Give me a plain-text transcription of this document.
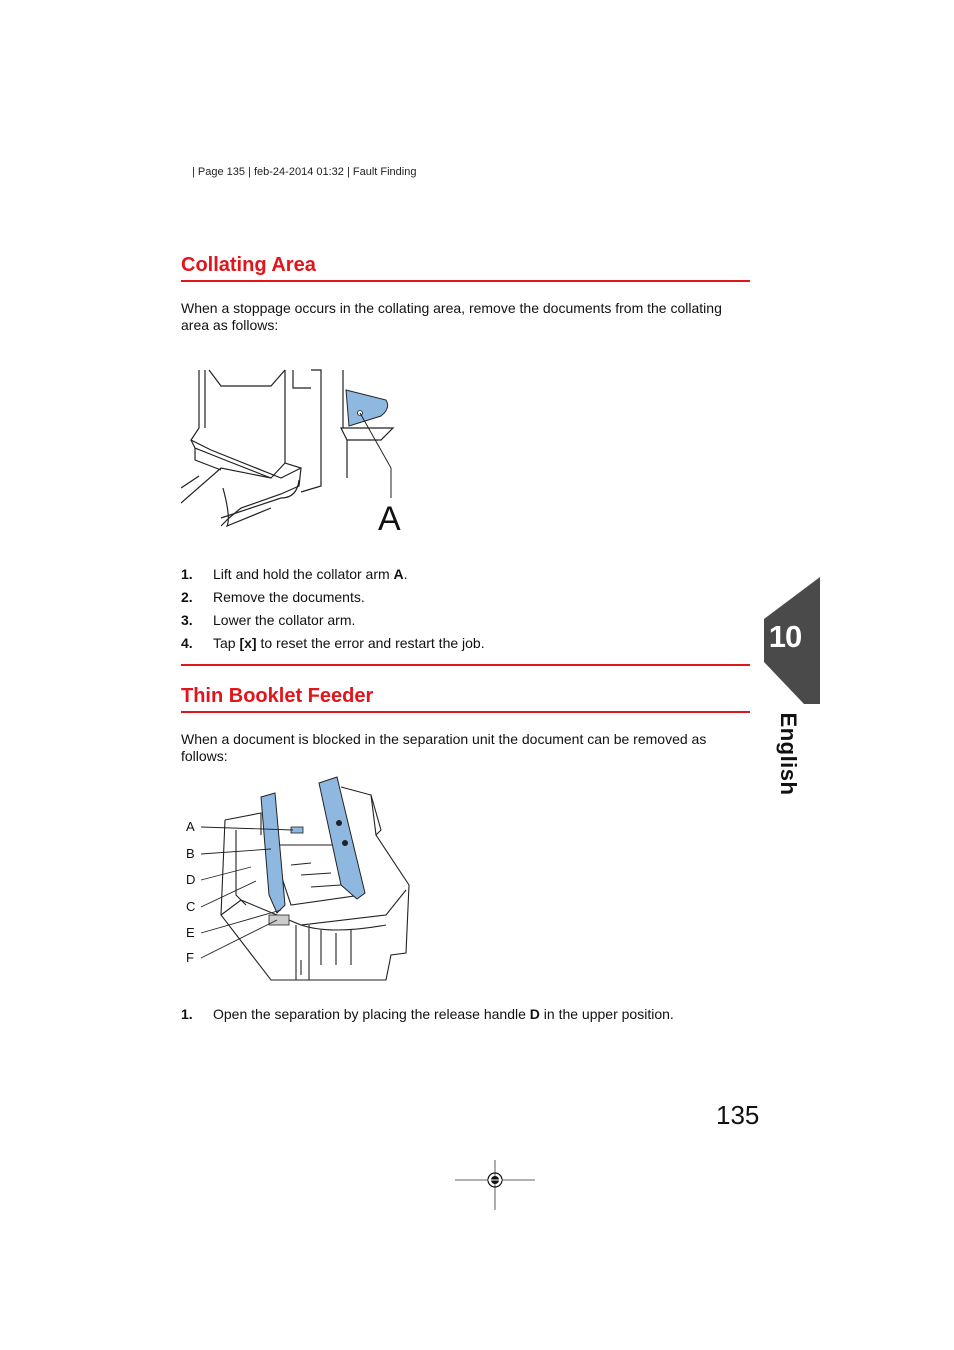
| Page 135 | feb-24-2014 01:32 | Fault Finding
Collating Area
When a stoppage occurs in the collating area, remove the documents from the collating area as follows:
A
1. Lift and hold the collator arm A.
2. Remove the documents.
3. Lower the collator arm.
4. Tap [x] to reset the error and restart the job.
Thin Booklet Feeder
When a document is blocked in the separation unit the document can be removed as follows:
A
B
D
C
E
F
1. Open the separation by placing the release handle D in the upper position.
10
English
135
